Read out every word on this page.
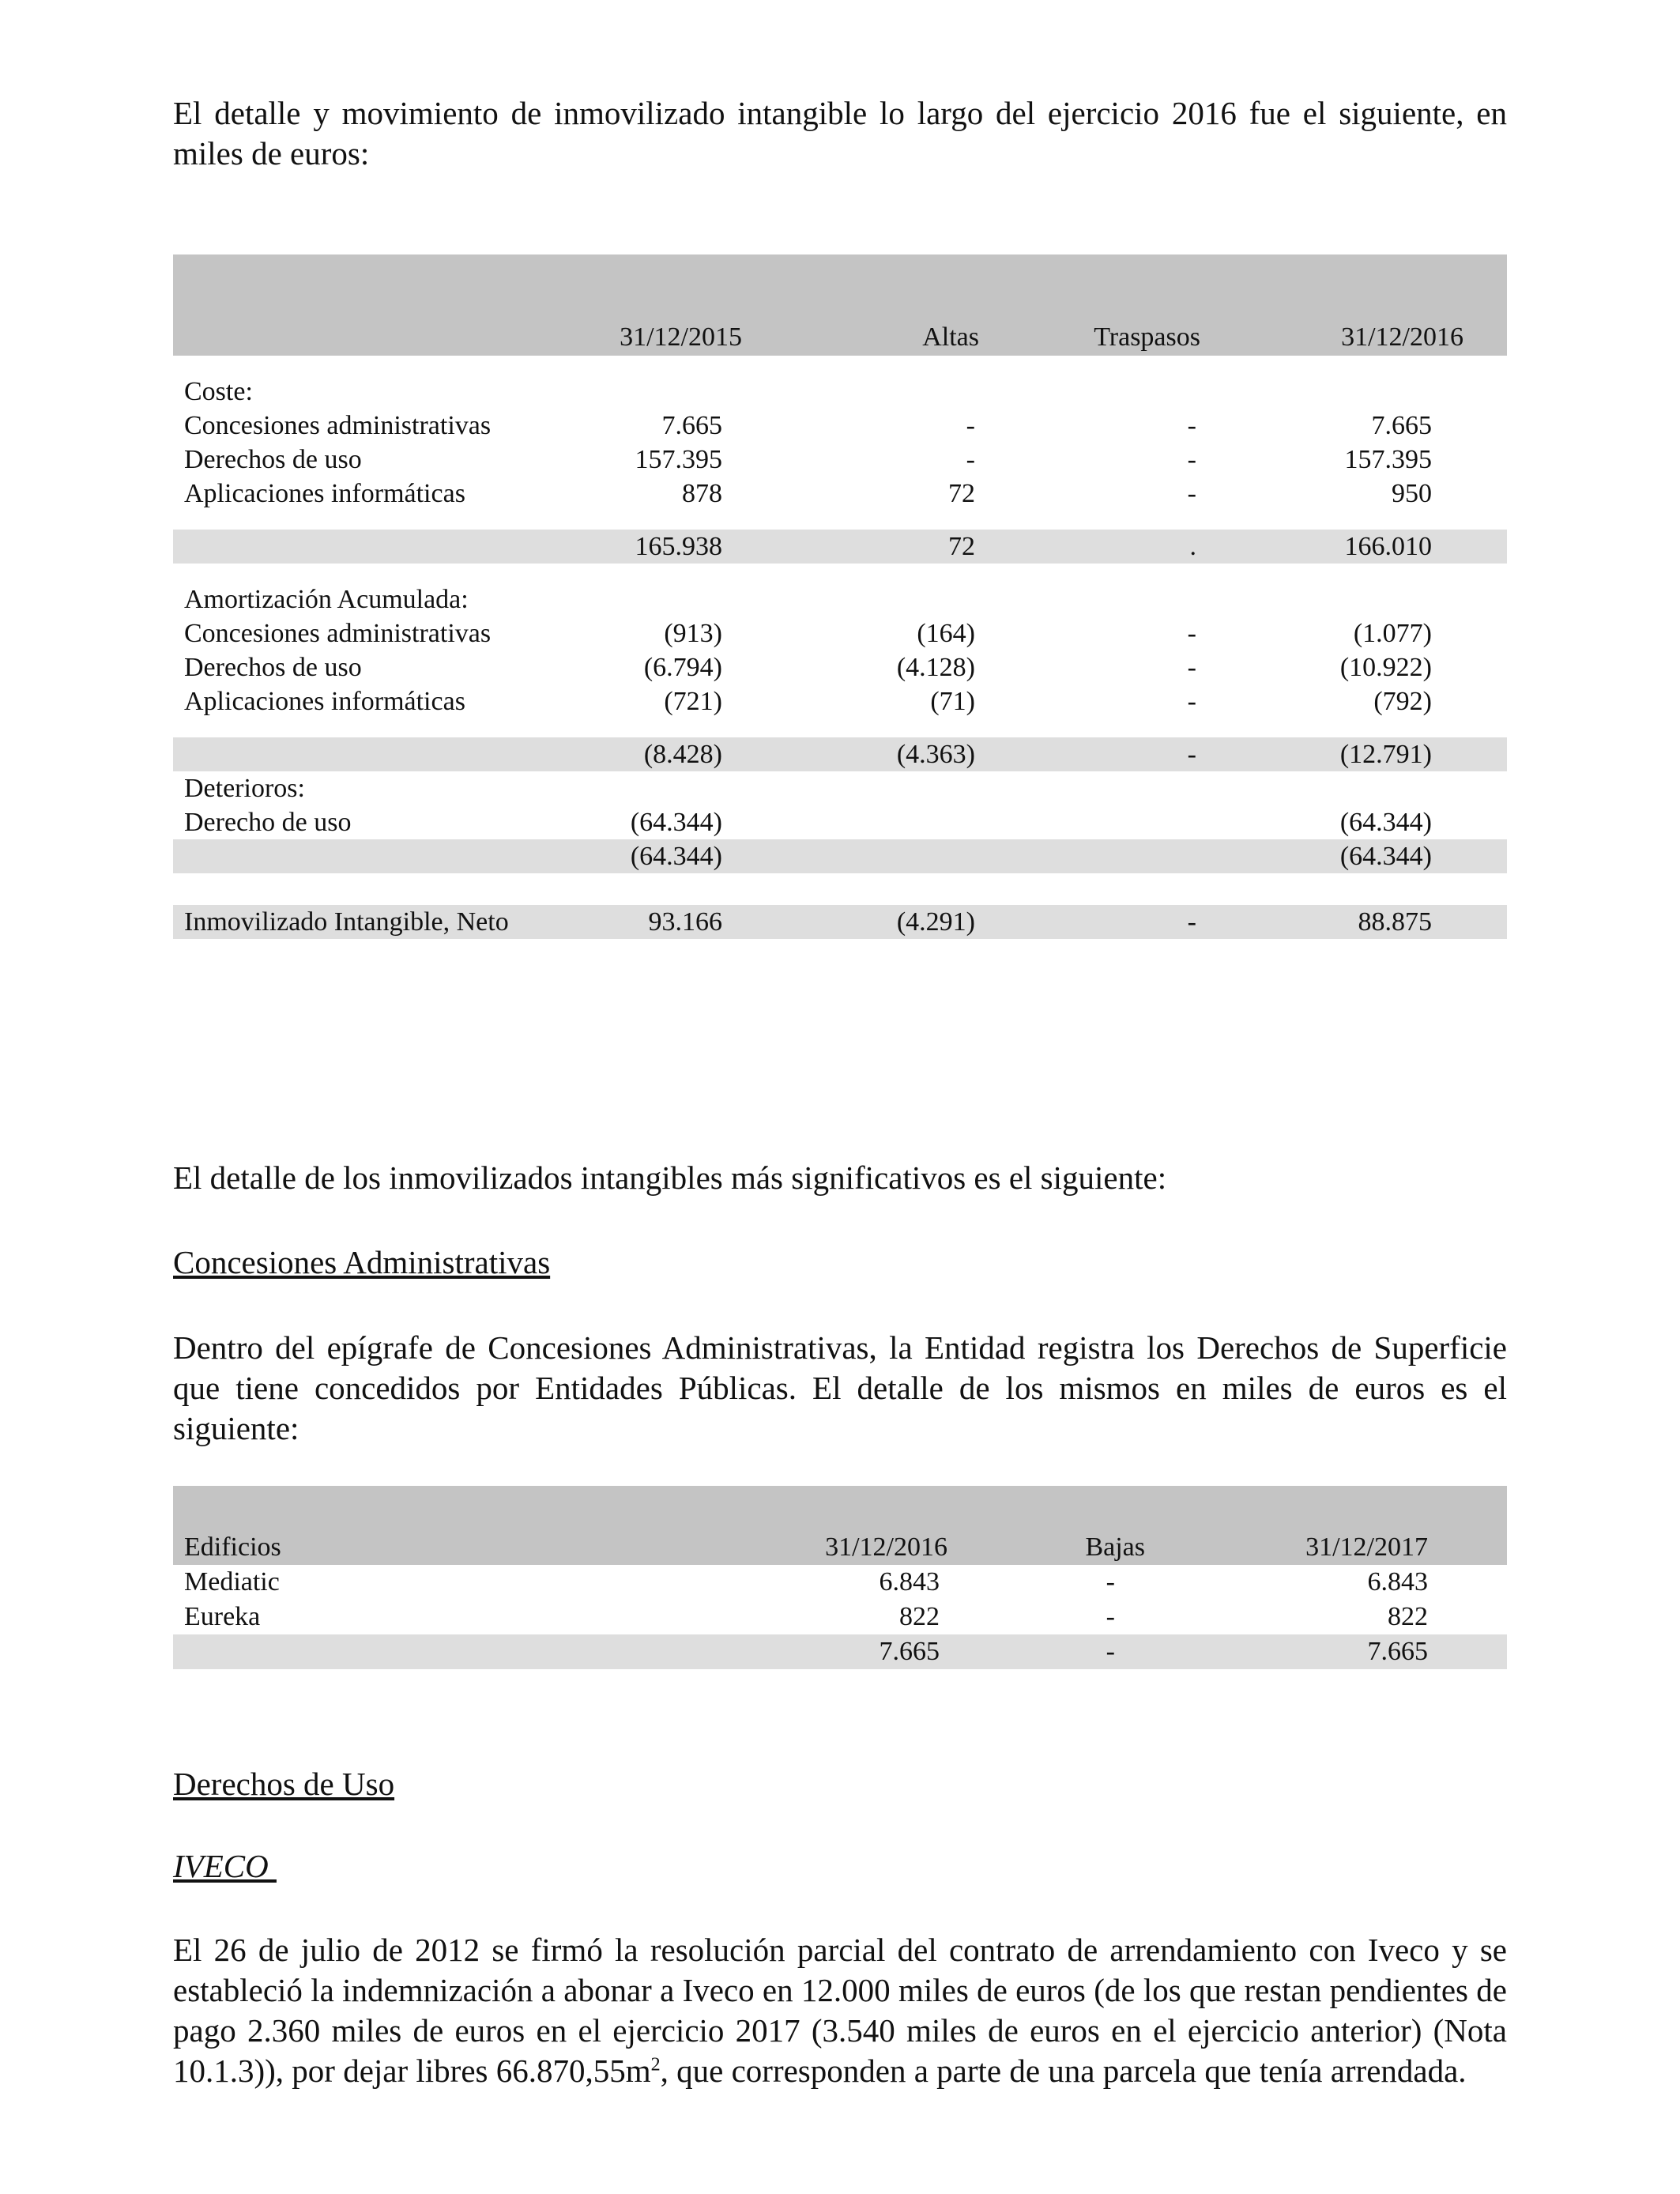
El detalle y movimiento de inmovilizado intangible lo largo del ejercicio 2016 fue el siguiente, en miles de euros:

	31/12/2015	Altas	Traspasos	31/12/2016

Coste:				
Concesiones administrativas	7.665	-	-	7.665
Derechos de uso	157.395	-	-	157.395
Aplicaciones informáticas	878	72	-	950

	165.938	72	.	166.010

Amortización Acumulada:				
Concesiones administrativas	(913)	(164)	-	(1.077)
Derechos de uso	(6.794)	(4.128)	-	(10.922)
Aplicaciones informáticas	(721)	(71)	-	(792)

	(8.428)	(4.363)	-	(12.791)
Deterioros:				
Derecho de uso	(64.344)			(64.344)
	(64.344)			(64.344)

Inmovilizado Intangible, Neto	93.166	(4.291)	-	88.875

El detalle de los inmovilizados intangibles más significativos es el siguiente:

Concesiones Administrativas

Dentro del epígrafe de Concesiones Administrativas, la Entidad registra los Derechos de Superficie que tiene concedidos por Entidades Públicas. El detalle de los mismos en miles de euros es el siguiente:

Edificios	31/12/2016	Bajas	31/12/2017
Mediatic	6.843	-	6.843
Eureka	822	-	822
	7.665	-	7.665

Derechos de Uso

IVECO

El 26 de julio de 2012 se firmó la resolución parcial del contrato de arrendamiento con Iveco y se estableció la indemnización a abonar a Iveco en 12.000 miles de euros (de los que restan pendientes de pago 2.360 miles de euros en el ejercicio 2017 (3.540 miles de euros en el ejercicio anterior) (Nota 10.1.3)), por dejar libres $66.870,55m^2$, que corresponden a parte de una parcela que tenía arrendada.
